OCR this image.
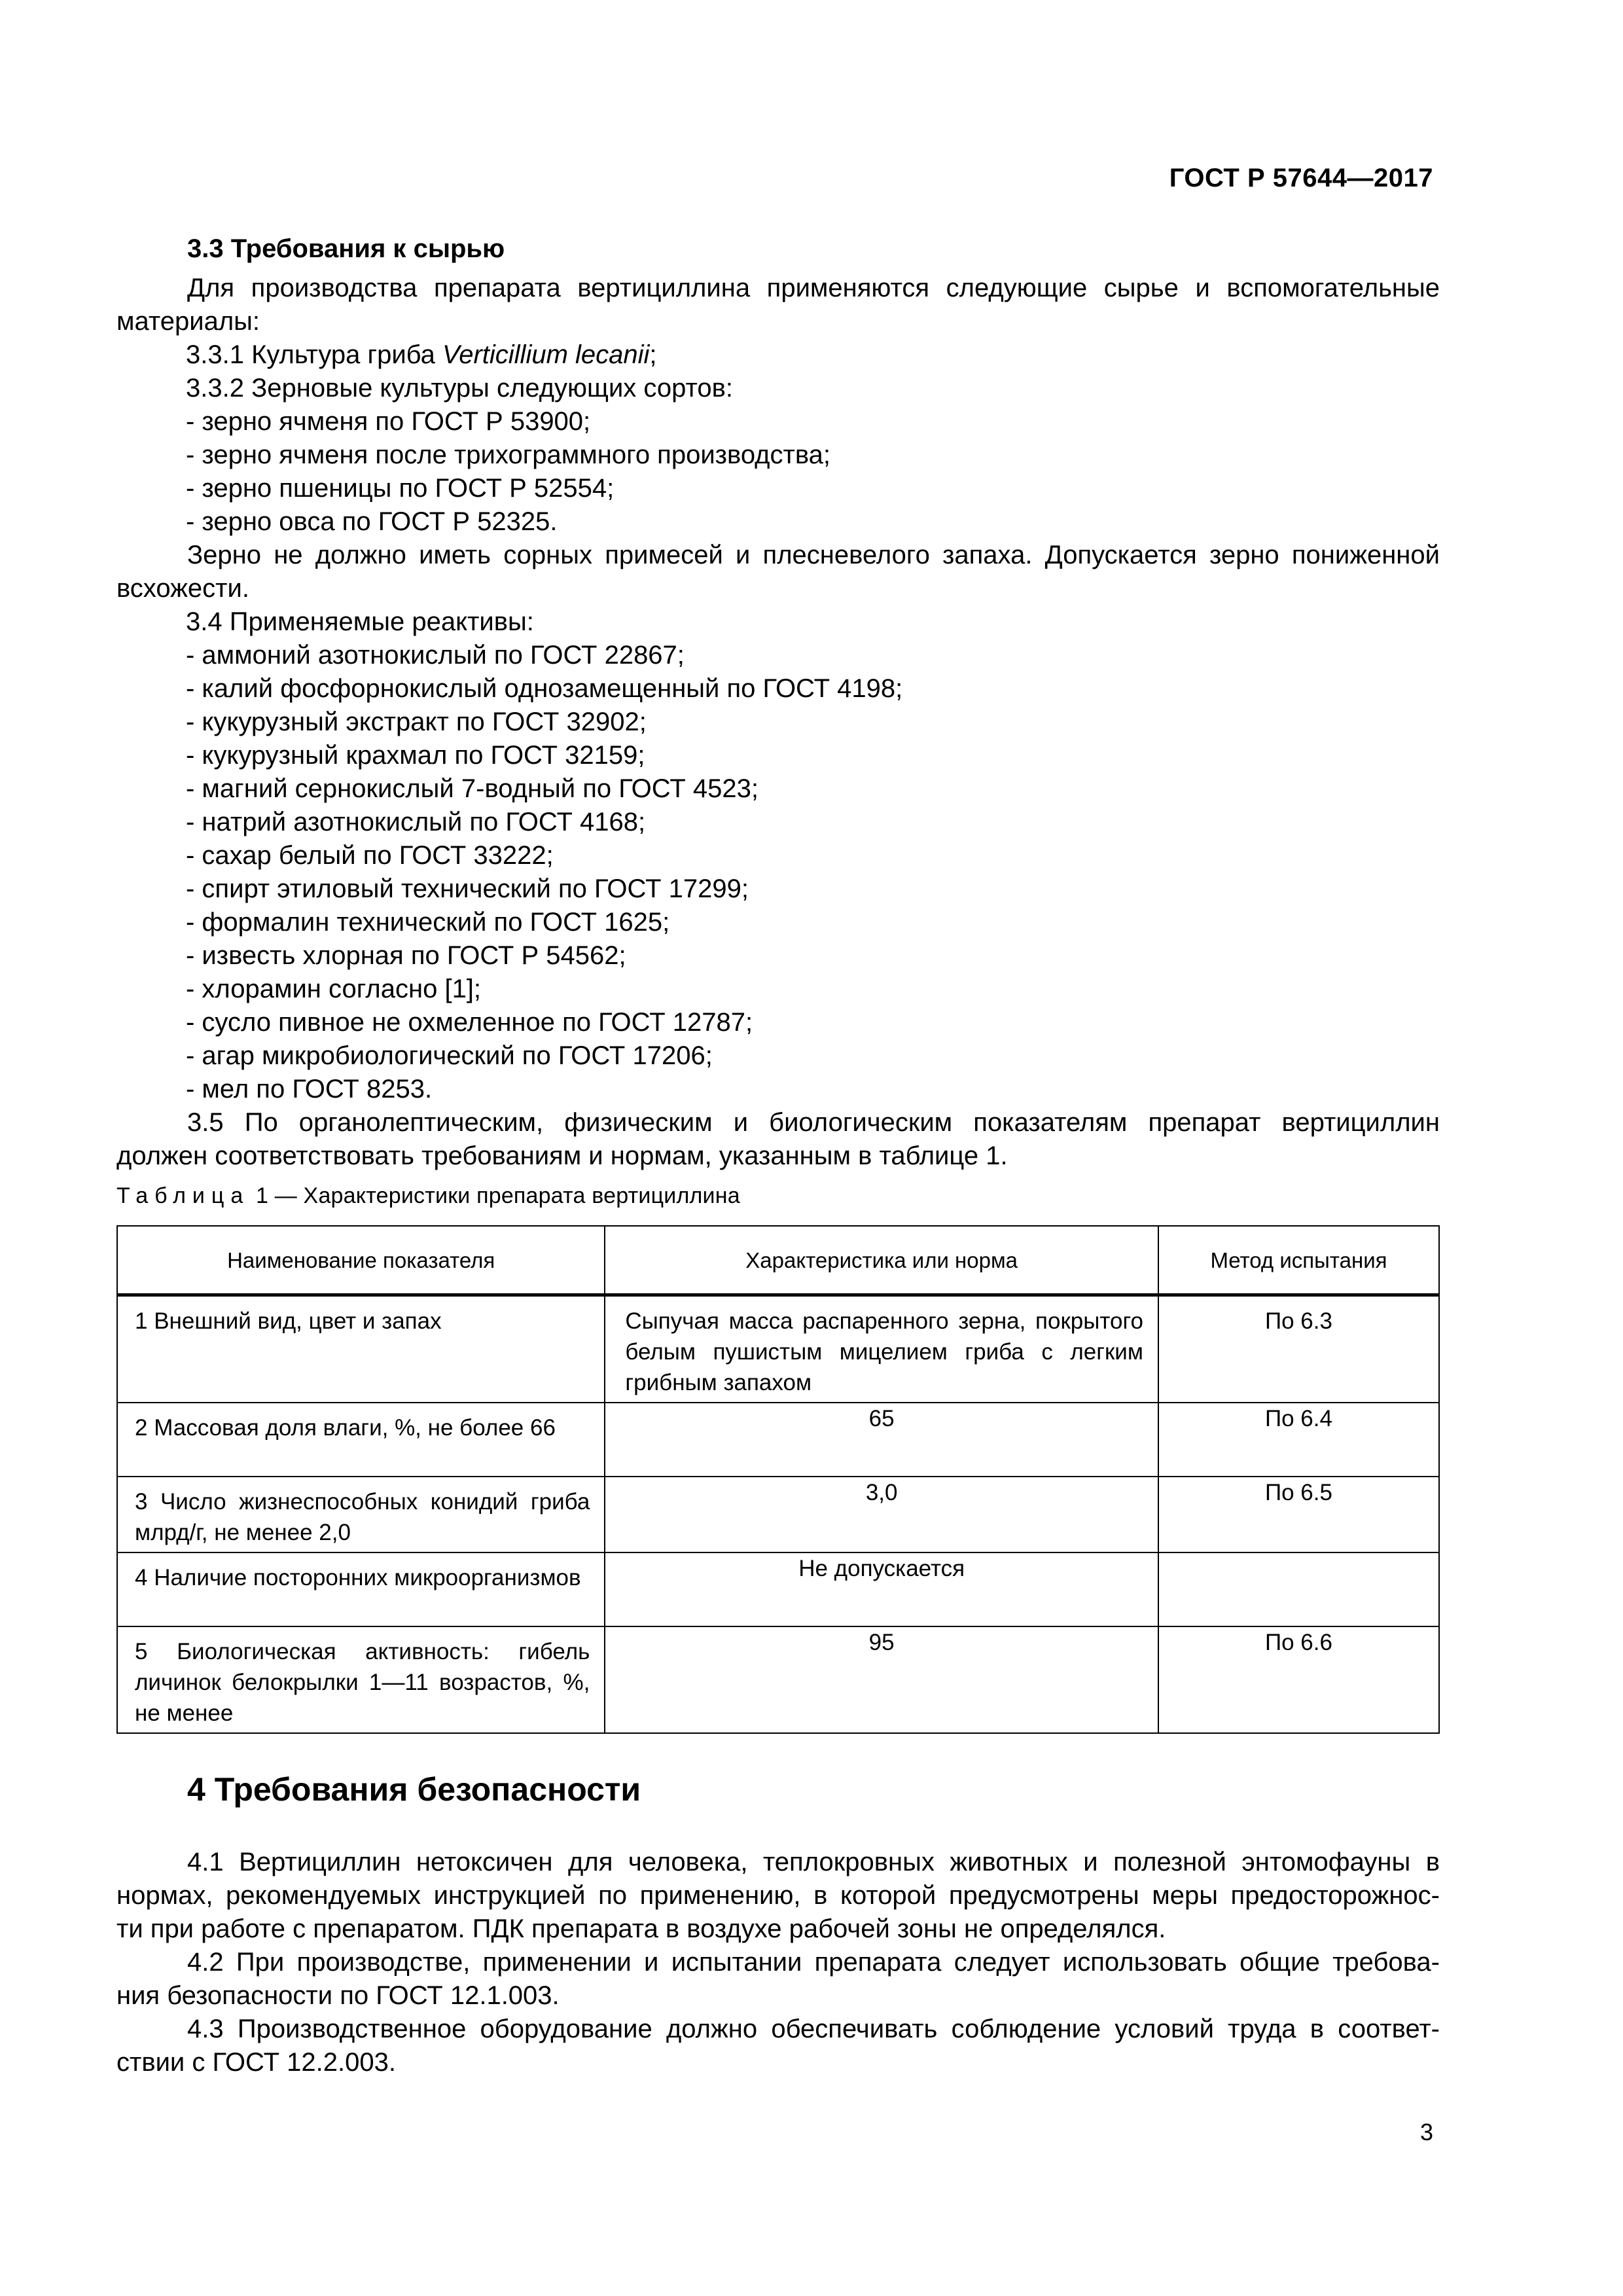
ГОСТ Р 57644—2017
3.3 Требования к сырью
Для производства препарата вертициллина применяются следующие сырье и вспомогательные
материалы:
3.3.1 Культура гриба Verticillium lecanii;
3.3.2 Зерновые культуры следующих сортов:
- зерно ячменя по ГОСТ Р 53900;
- зерно ячменя после трихограммного производства;
- зерно пшеницы по ГОСТ Р 52554;
- зерно овса по ГОСТ Р 52325.
Зерно не должно иметь сорных примесей и плесневелого запаха. Допускается зерно пониженной
всхожести.
3.4 Применяемые реактивы:
- аммоний азотнокислый по ГОСТ 22867;
- калий фосфорнокислый однозамещенный по ГОСТ 4198;
- кукурузный экстракт по ГОСТ 32902;
- кукурузный крахмал по ГОСТ 32159;
- магний сернокислый 7-водный по ГОСТ 4523;
- натрий азотнокислый по ГОСТ 4168;
- сахар белый по ГОСТ 33222;
- спирт этиловый технический по ГОСТ 17299;
- формалин технический по ГОСТ 1625;
- известь хлорная по ГОСТ Р 54562;
- хлорамин согласно [1];
- сусло пивное не охмеленное по ГОСТ 12787;
- агар микробиологический по ГОСТ 17206;
- мел по ГОСТ 8253.
3.5 По органолептическим, физическим и биологическим показателям препарат вертициллин
должен соответствовать требованиям и нормам, указанным в таблице 1.
Таблица 1 — Характеристики препарата вертициллина
Наименование показателя	Характеристика или норма	Метод испытания
1 Внешний вид, цвет и запах	Сыпучая масса распаренного зерна, покрытого белым пушистым мицелием гриба с легким грибным запахом	По 6.3
2 Массовая доля влаги, %, не более 66	65	По 6.4
3 Число жизнеспособных конидий гриба млрд/г, не менее 2,0	3,0	По 6.5
4 Наличие посторонних микроорганизмов	Не допускается	
5 Биологическая активность: гибель личинок белокрылки 1—11 возрастов, %, не менее	95	По 6.6
4 Требования безопасности
4.1 Вертициллин нетоксичен для человека, теплокровных животных и полезной энтомофауны в
нормах, рекомендуемых инструкцией по применению, в которой предусмотрены меры предосторожнос-
ти при работе с препаратом. ПДК препарата в воздухе рабочей зоны не определялся.
4.2 При производстве, применении и испытании препарата следует использовать общие требова-
ния безопасности по ГОСТ 12.1.003.
4.3 Производственное оборудование должно обеспечивать соблюдение условий труда в соответ-
ствии с ГОСТ 12.2.003.
3
